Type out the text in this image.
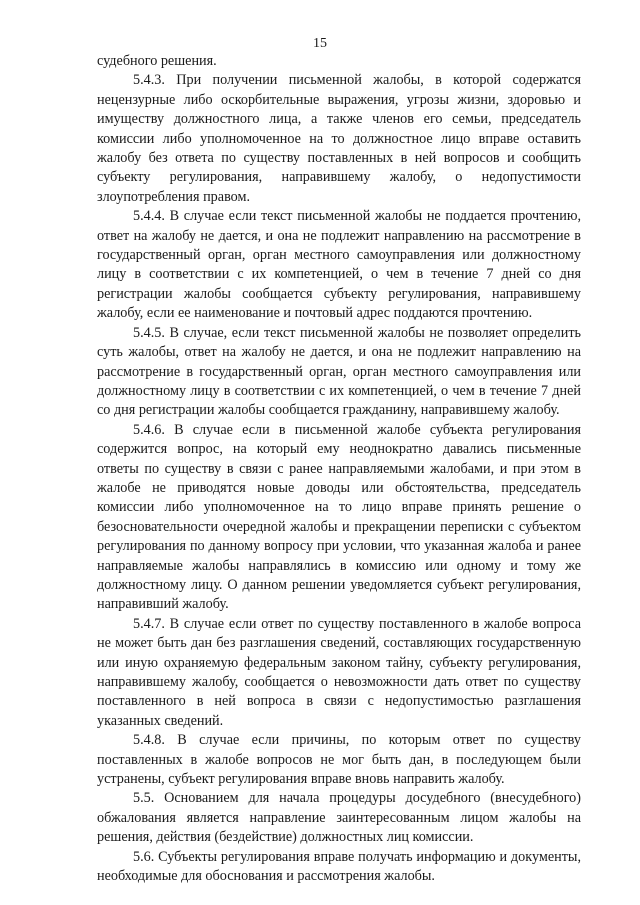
15

судебного решения.

5.4.3. При получении письменной жалобы, в которой содержатся нецензурные либо оскорбительные выражения, угрозы жизни, здоровью и имуществу должностного лица, а также членов его семьи, председатель комиссии либо уполномоченное на то должностное лицо вправе оставить жалобу без ответа по существу поставленных в ней вопросов и сообщить субъекту регулирования, направившему жалобу, о недопустимости злоупотребления правом.

5.4.4. В случае если текст письменной жалобы не поддается прочтению, ответ на жалобу не дается, и она не подлежит направлению на рассмотрение в государственный орган, орган местного самоуправления или должностному лицу в соответствии с их компетенцией, о чем в течение 7 дней со дня регистрации жалобы сообщается субъекту регулирования, направившему жалобу, если ее наименование и почтовый адрес поддаются прочтению.

5.4.5. В случае, если текст письменной жалобы не позволяет определить суть жалобы, ответ на жалобу не дается, и она не подлежит направлению на рассмотрение в государственный орган, орган местного самоуправления или должностному лицу в соответствии с их компетенцией, о чем в течение 7 дней со дня регистрации жалобы сообщается гражданину, направившему жалобу.

5.4.6. В случае если в письменной жалобе субъекта регулирования содержится вопрос, на который ему неоднократно давались письменные ответы по существу в связи с ранее направляемыми жалобами, и при этом в жалобе не приводятся новые доводы или обстоятельства, председатель комиссии либо уполномоченное на то лицо вправе принять решение о безосновательности очередной жалобы и прекращении переписки с субъектом регулирования по данному вопросу при условии, что указанная жалоба и ранее направляемые жалобы направлялись в комиссию или одному и тому же должностному лицу. О данном решении уведомляется субъект регулирования, направивший жалобу.

5.4.7. В случае если ответ по существу поставленного в жалобе вопроса не может быть дан без разглашения сведений, составляющих государственную или иную охраняемую федеральным законом тайну, субъекту регулирования, направившему жалобу, сообщается о невозможности дать ответ по существу поставленного в ней вопроса в связи с недопустимостью разглашения указанных сведений.

5.4.8. В случае если причины, по которым ответ по существу поставленных в жалобе вопросов не мог быть дан, в последующем были устранены, субъект регулирования вправе вновь направить жалобу.

5.5. Основанием для начала процедуры досудебного (внесудебного) обжалования является направление заинтересованным лицом жалобы на решения, действия (бездействие) должностных лиц комиссии.

5.6. Субъекты регулирования вправе получать информацию и документы, необходимые для обоснования и рассмотрения жалобы.
